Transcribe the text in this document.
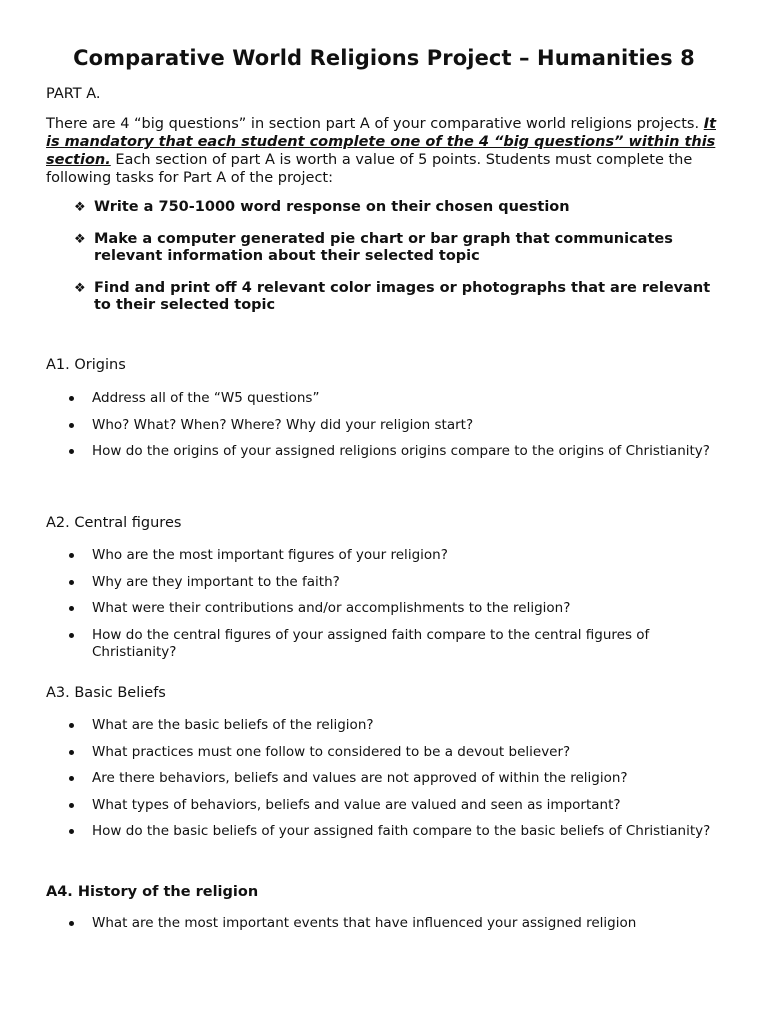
Comparative World Religions Project – Humanities 8
PART A.
There are 4 “big questions” in section part A of your comparative world religions projects. It is mandatory that each student complete one of the 4 “big questions” within this section. Each section of part A is worth a value of 5 points. Students must complete the following tasks for Part A of the project:
❖ Write a 750-1000 word response on their chosen question
❖ Make a computer generated pie chart or bar graph that communicates relevant information about their selected topic
❖ Find and print off 4 relevant color images or photographs that are relevant to their selected topic
A1. Origins
Address all of the “W5 questions”
Who? What? When? Where? Why did your religion start?
How do the origins of your assigned religions origins compare to the origins of Christianity?
A2. Central figures
Who are the most important figures of your religion?
Why are they important to the faith?
What were their contributions and/or accomplishments to the religion?
How do the central figures of your assigned faith compare to the central figures of Christianity?
A3. Basic Beliefs
What are the basic beliefs of the religion?
What practices must one follow to considered to be a devout believer?
Are there behaviors, beliefs and values are not approved of within the religion?
What types of behaviors, beliefs and value are valued and seen as important?
How do the basic beliefs of your assigned faith compare to the basic beliefs of Christianity?
A4. History of the religion
What are the most important events that have influenced your assigned religion
